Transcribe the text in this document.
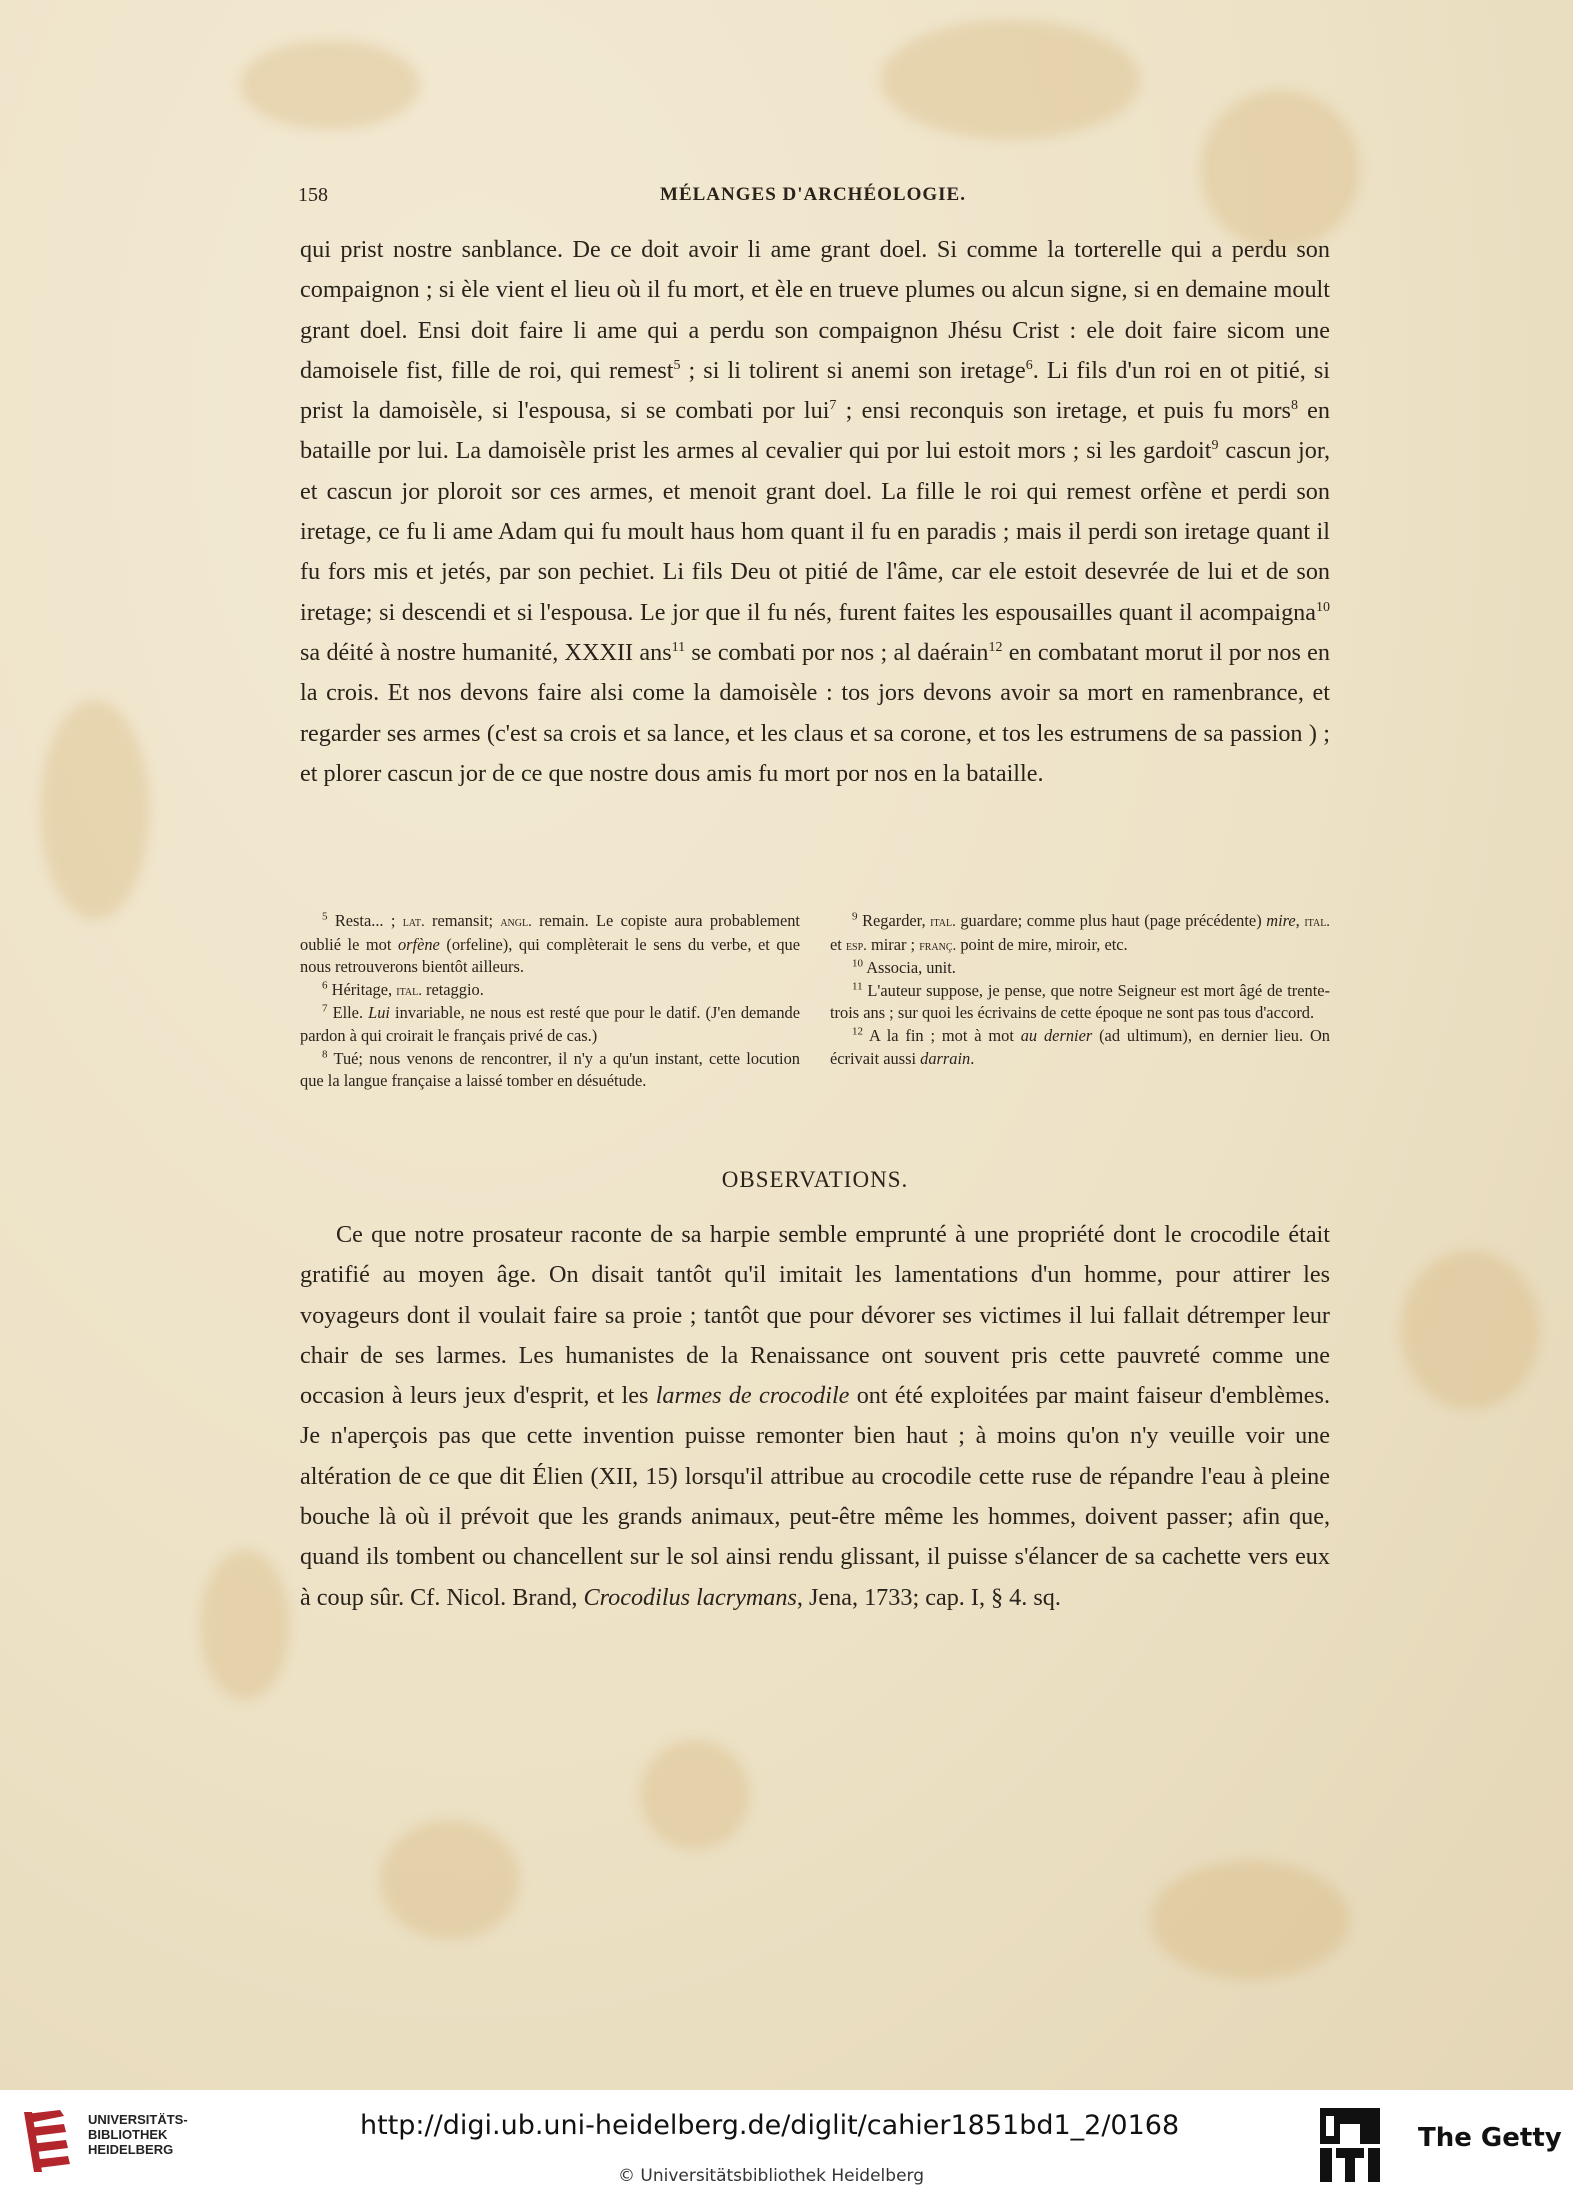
158	MÉLANGES D'ARCHÉOLOGIE.

qui prist nostre sanblance. De ce doit avoir li ame grant doel. Si comme la torterelle qui a perdu son compaignon ; si èle vient el lieu où il fu mort, et èle en trueve plumes ou alcun signe, si en demaine moult grant doel. Ensi doit faire li ame qui a perdu son compaignon Jhésu Crist : ele doit faire sicom une damoisele fist, fille de roi, qui remest$^5$ ; si li tolirent si anemi son iretage$^6$. Li fils d'un roi en ot pitié, si prist la damoisèle, si l'espousa, si se combati por lui$^7$ ; ensi reconquis son iretage, et puis fu mors$^8$ en bataille por lui. La damoisèle prist les armes al cevalier qui por lui estoit mors ; si les gardoit$^9$ cascun jor, et cascun jor ploroit sor ces armes, et menoit grant doel. La fille le roi qui remest orfène et perdi son iretage, ce fu li ame Adam qui fu moult haus hom quant il fu en paradis ; mais il perdi son iretage quant il fu fors mis et jetés, par son pechiet. Li fils Deu ot pitié de l'âme, car ele estoit desevrée de lui et de son iretage; si descendi et si l'espousa. Le jor que il fu nés, furent faites les espousailles quant il acompaigna$^{10}$ sa déité à nostre humanité, XXXII ans$^{11}$ se combati por nos ; al daérain$^{12}$ en combatant morut il por nos en la crois. Et nos devons faire alsi come la damoisèle : tos jors devons avoir sa mort en ramenbrance, et regarder ses armes (c'est sa crois et sa lance, et les claus et sa corone, et tos les estrumens de sa passion ) ; et plorer cascun jor de ce que nostre dous amis fu mort por nos en la bataille.

$^5$ Resta... ; lat. remansit; angl. remain. Le copiste aura probablement oublié le mot orfène (orfeline), qui complèterait le sens du verbe, et que nous retrouverons bientôt ailleurs.

$^6$ Héritage, ital. retaggio.

$^7$ Elle. Lui invariable, ne nous est resté que pour le datif. (J'en demande pardon à qui croirait le français privé de cas.)

$^8$ Tué; nous venons de rencontrer, il n'y a qu'un instant, cette locution que la langue française a laissé tomber en désuétude.

$^9$ Regarder, ital. guardare; comme plus haut (page précédente) mire, ital. et esp. mirar ; franç. point de mire, miroir, etc.

$^{10}$ Associa, unit.

$^{11}$ L'auteur suppose, je pense, que notre Seigneur est mort âgé de trente-trois ans ; sur quoi les écrivains de cette époque ne sont pas tous d'accord.

$^{12}$ A la fin ; mot à mot au dernier (ad ultimum), en dernier lieu. On écrivait aussi darrain.

OBSERVATIONS.

Ce que notre prosateur raconte de sa harpie semble emprunté à une propriété dont le crocodile était gratifié au moyen âge. On disait tantôt qu'il imitait les lamentations d'un homme, pour attirer les voyageurs dont il voulait faire sa proie ; tantôt que pour dévorer ses victimes il lui fallait détremper leur chair de ses larmes. Les humanistes de la Renaissance ont souvent pris cette pauvreté comme une occasion à leurs jeux d'esprit, et les larmes de crocodile ont été exploitées par maint faiseur d'emblèmes. Je n'aperçois pas que cette invention puisse remonter bien haut ; à moins qu'on n'y veuille voir une altération de ce que dit Élien (XII, 15) lorsqu'il attribue au crocodile cette ruse de répandre l'eau à pleine bouche là où il prévoit que les grands animaux, peut-être même les hommes, doivent passer; afin que, quand ils tombent ou chancellent sur le sol ainsi rendu glissant, il puisse s'élancer de sa cachette vers eux à coup sûr. Cf. Nicol. Brand, Crocodilus lacrymans, Jena, 1733; cap. I, § 4. sq.

UNIVERSITÄTS-
BIBLIOTHEK
HEIDELBERG
http://digi.ub.uni-heidelberg.de/diglit/cahier1851bd1_2/0168
© Universitätsbibliothek Heidelberg
The Getty
